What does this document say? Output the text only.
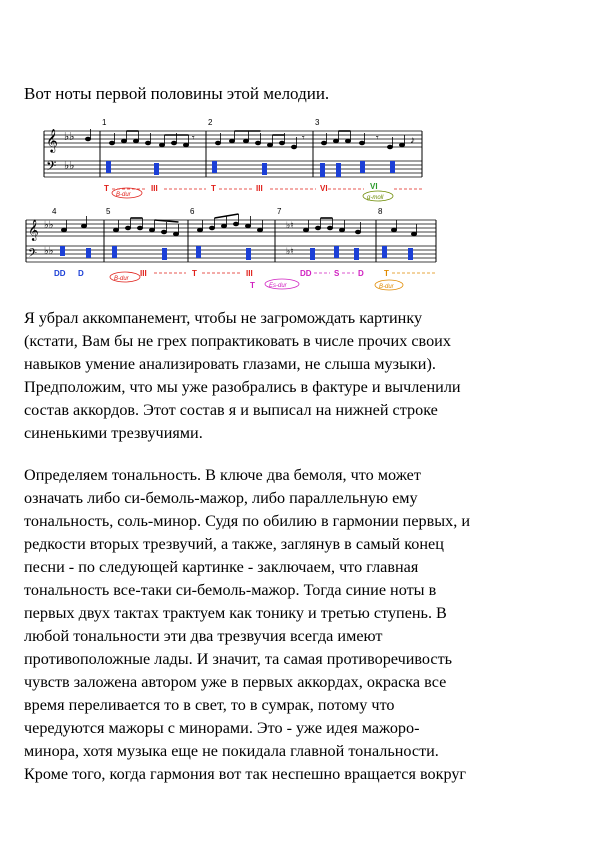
Вот ноты первой половины этой мелодии.
𝄞
𝄢
♭♭
♭♭
1	2	3
𝄾	𝄾	𝄾	♪
T
B-dur
III	T	III	VI	VI
g-moll
𝄞
𝄢
♭♭
♭♭
♭♮
♭♮
4	5	6	7	8
DD D
B-dur
III	T	III
T Es-dur
DD	S D	T
B-dur

Я убрал аккомпанемент, чтобы не загромождать картинку
(кстати, Вам бы не грех попрактиковать в числе прочих своих
навыков умение анализировать глазами, не слыша музыки).
Предположим, что мы уже разобрались в фактуре и вычленили
состав аккордов. Этот состав я и выписал на нижней строке
синенькими трезвучиями.

Определяем тональность. В ключе два бемоля, что может
означать либо си-бемоль-мажор, либо параллельную ему
тональность, соль-минор. Судя по обилию в гармонии первых, и
редкости вторых трезвучий, а также, заглянув в самый конец
песни - по следующей картинке - заключаем, что главная
тональность все-таки си-бемоль-мажор. Тогда синие ноты в
первых двух тактах трактуем как тонику и третью ступень. В
любой тональности эти два трезвучия всегда имеют
противоположные лады. И значит, та самая противоречивость
чувств заложена автором уже в первых аккордах, окраска все
время переливается то в свет, то в сумрак, потому что
чередуются мажоры с минорами. Это - уже идея мажоро-
минора, хотя музыка еще не покидала главной тональности.
Кроме того, когда гармония вот так неспешно вращается вокруг
